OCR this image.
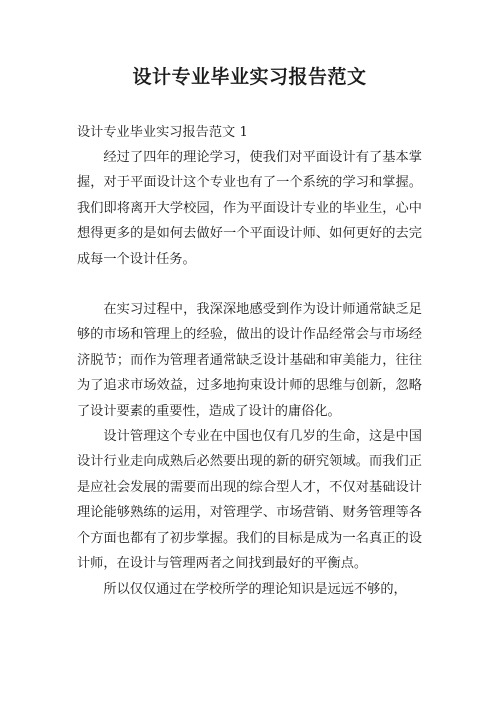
设计专业毕业实习报告范文

设计专业毕业实习报告范文 1

经过了四年的理论学习，使我们对平面设计有了基本掌握，对于平面设计这个专业也有了一个系统的学习和掌握。我们即将离开大学校园，作为平面设计专业的毕业生，心中想得更多的是如何去做好一个平面设计师、如何更好的去完成每一个设计任务。

在实习过程中，我深深地感受到作为设计师通常缺乏足够的市场和管理上的经验，做出的设计作品经常会与市场经济脱节；而作为管理者通常缺乏设计基础和审美能力，往往为了追求市场效益，过多地拘束设计师的思维与创新，忽略了设计要素的重要性，造成了设计的庸俗化。

设计管理这个专业在中国也仅有几岁的生命，这是中国设计行业走向成熟后必然要出现的新的研究领域。而我们正是应社会发展的需要而出现的综合型人才，不仅对基础设计理论能够熟练的运用，对管理学、市场营销、财务管理等各个方面也都有了初步掌握。我们的目标是成为一名真正的设计师，在设计与管理两者之间找到最好的平衡点。

所以仅仅通过在学校所学的理论知识是远远不够的，
